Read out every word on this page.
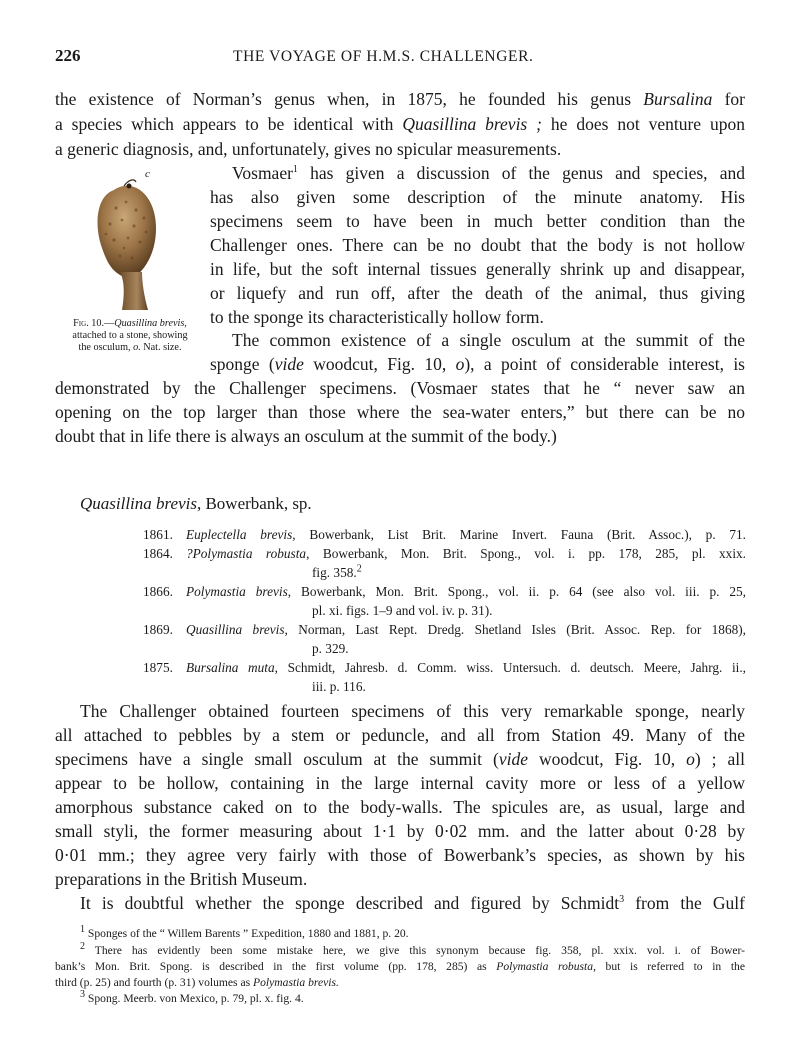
226	THE VOYAGE OF H.M.S. CHALLENGER.
the existence of Norman’s genus when, in 1875, he founded his genus Bursalina for
a species which appears to be identical with Quasillina brevis ; he does not venture upon
a generic diagnosis, and, unfortunately, gives no spicular measurements.
c
Fig. 10.—Quasillina brevis,
attached to a stone, showing
the osculum, o. Nat. size.
Vosmaer$^1$ has given a discussion of the genus and species, and
has also given some description of the minute anatomy. His
specimens seem to have been in much better condition than the
Challenger ones. There can be no doubt that the body is not hollow
in life, but the soft internal tissues generally shrink up and disappear,
or liquefy and run off, after the death of the animal, thus giving
to the sponge its characteristically hollow form.
The common existence of a single osculum at the summit of the
sponge (vide woodcut, Fig. 10, o), a point of considerable interest, is
demonstrated by the Challenger specimens. (Vosmaer states that he “ never saw an
opening on the top larger than those where the sea-water enters,” but there can be no
doubt that in life there is always an osculum at the summit of the body.)
Quasillina brevis, Bowerbank, sp.
1861. Euplectella brevis, Bowerbank, List Brit. Marine Invert. Fauna (Brit. Assoc.), p. 71.
1864. ?Polymastia robusta, Bowerbank, Mon. Brit. Spong., vol. i. pp. 178, 285, pl. xxix.
fig. 358.$^2$
1866. Polymastia brevis, Bowerbank, Mon. Brit. Spong., vol. ii. p. 64 (see also vol. iii. p. 25,
pl. xi. figs. 1–9 and vol. iv. p. 31).
1869. Quasillina brevis, Norman, Last Rept. Dredg. Shetland Isles (Brit. Assoc. Rep. for 1868),
p. 329.
1875. Bursalina muta, Schmidt, Jahresb. d. Comm. wiss. Untersuch. d. deutsch. Meere, Jahrg. ii.,
iii. p. 116.
The Challenger obtained fourteen specimens of this very remarkable sponge, nearly
all attached to pebbles by a stem or peduncle, and all from Station 49. Many of the
specimens have a single small osculum at the summit (vide woodcut, Fig. 10, o) ; all
appear to be hollow, containing in the large internal cavity more or less of a yellow
amorphous substance caked on to the body-walls. The spicules are, as usual, large and
small styli, the former measuring about 1·1 by 0·02 mm. and the latter about 0·28 by
0·01 mm.; they agree very fairly with those of Bowerbank’s species, as shown by his
preparations in the British Museum.
It is doubtful whether the sponge described and figured by Schmidt$^3$ from the Gulf
$^1$ Sponges of the “ Willem Barents ” Expedition, 1880 and 1881, p. 20.
$^2$ There has evidently been some mistake here, we give this synonym because fig. 358, pl. xxix. vol. i. of Bower-
bank’s Mon. Brit. Spong. is described in the first volume (pp. 178, 285) as Polymastia robusta, but is referred to in the
third (p. 25) and fourth (p. 31) volumes as Polymastia brevis.
$^3$ Spong. Meerb. von Mexico, p. 79, pl. x. fig. 4.
